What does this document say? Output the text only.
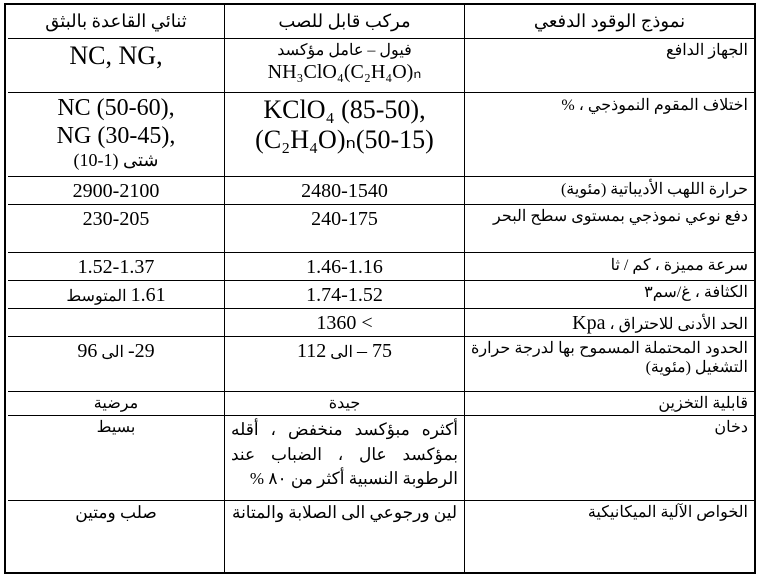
نموذج الوقود الدفعي
مركب قابل للصب
ثنائي القاعدة بالبثق
الجهاز الدافع
فيول – عامل مؤكسد
NH₃ClO₄(C₂H₄O)ₙ
NC, NG,
اختلاف المقوم النموذجي ، %
KClO₄ (85-50),
(C₂H₄O)ₙ(50-15)
NC (50-60),
NG (30-45),
شتى (1-10)
حرارة اللهب الأديباتية (مئوية)
2480-1540
2900-2100
دفع نوعي نموذجي بمستوى سطح البحر
240-175
230-205
سرعة مميزة ، كم / ثا
1.46-1.16
1.52-1.37
الكثافة ، غ/سم٣
1.74-1.52
1.61 المتوسط
الحد الأدنى للاحتراق ، Kpa
1360 <
الحدود المحتملة المسموح بها لدرجة حرارة التشغيل (مئوية)
– 75 الى 112
-29 الى 96
قابلية التخزين
جيدة
مرضية
دخان
أكثره مبؤكسد منخفض ، أقله بمؤكسد عال ، الضباب عند الرطوبة النسبية أكثر من ٨٠ %
بسيط
الخواص الآلية الميكانيكية
لين ورجوعي الى الصلابة والمتانة
صلب ومتين
